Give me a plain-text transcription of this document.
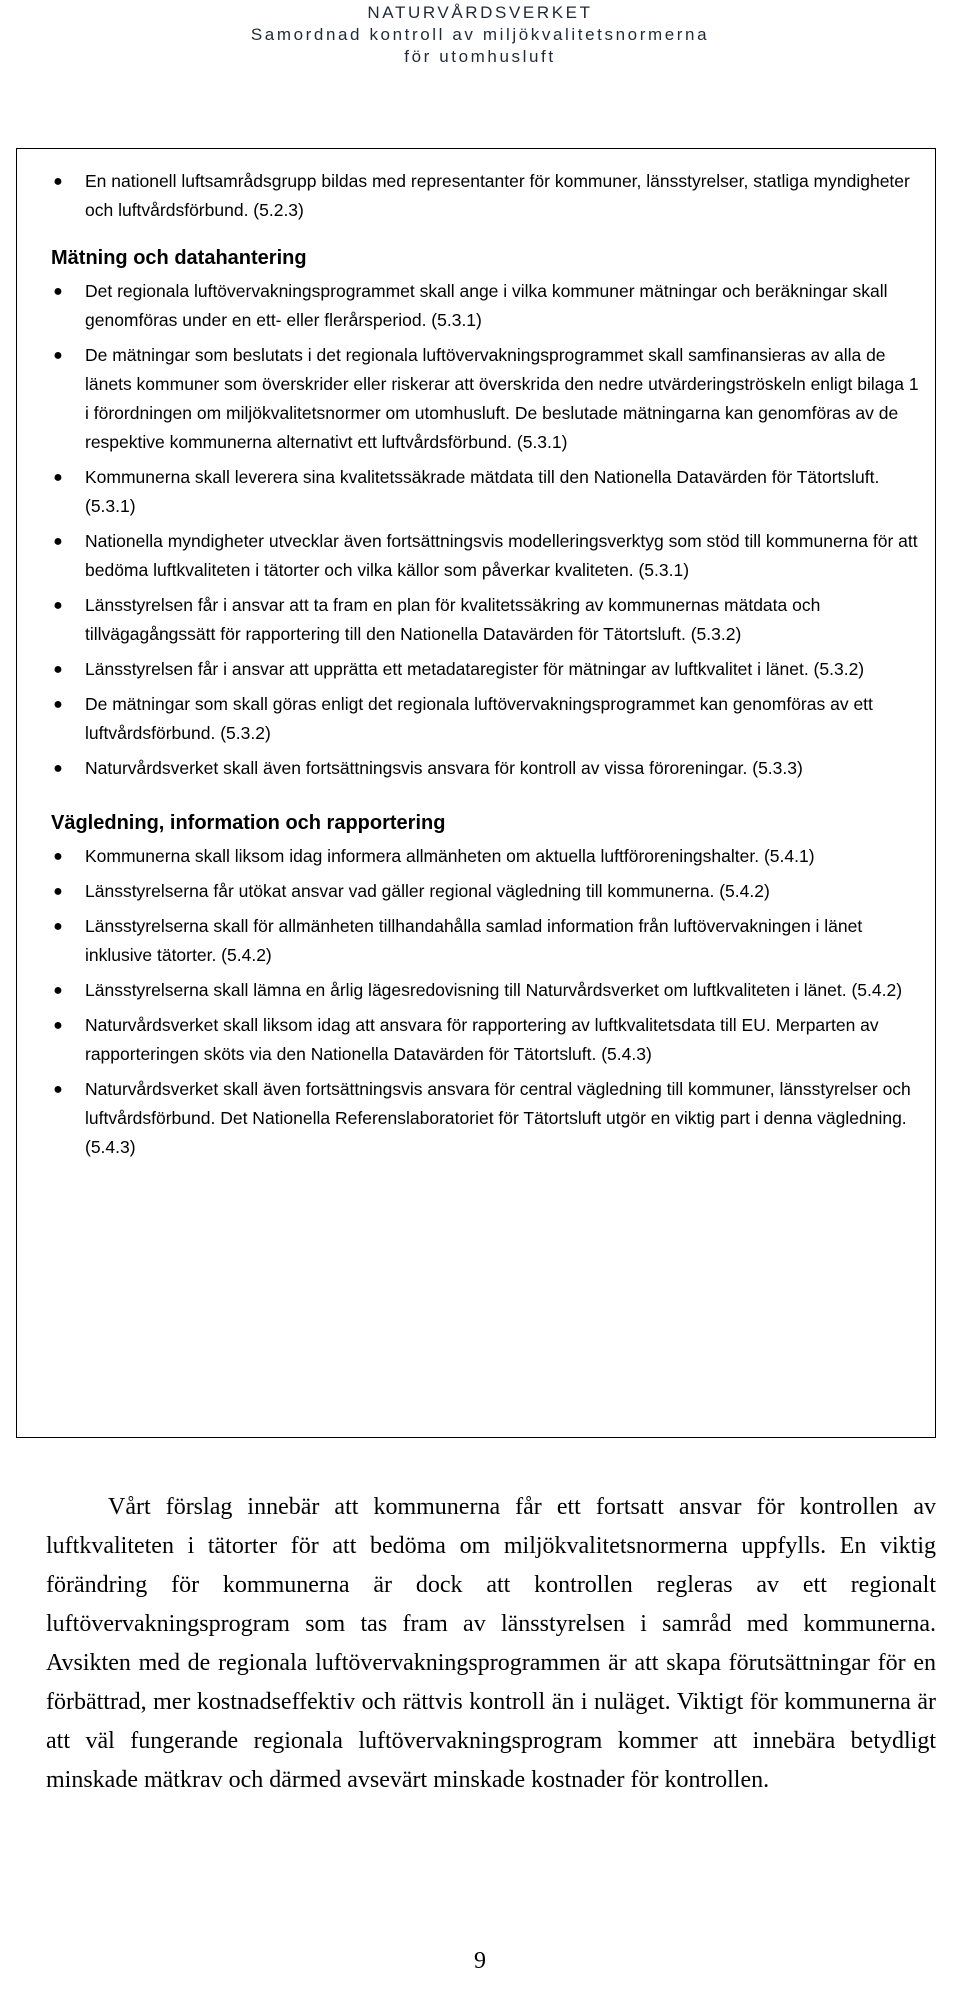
NATURVÅRDSVERKET
Samordnad kontroll av miljökvalitetsnormerna
för utomhusluft
● En nationell luftsamrådsgrupp bildas med representanter för kommuner, länsstyrelser, statliga myndigheter och luftvårdsförbund. (5.2.3)
Mätning och datahantering
● Det regionala luftövervakningsprogrammet skall ange i vilka kommuner mätningar och beräkningar skall genomföras under en ett- eller flerårsperiod. (5.3.1)
● De mätningar som beslutats i det regionala luftövervakningsprogrammet skall samfinansieras av alla de länets kommuner som överskrider eller riskerar att överskrida den nedre utvärderingströskeln enligt bilaga 1 i förordningen om miljökvalitetsnormer om utomhusluft. De beslutade mätningarna kan genomföras av de respektive kommunerna alternativt ett luftvårdsförbund. (5.3.1)
● Kommunerna skall leverera sina kvalitetssäkrade mätdata till den Nationella Datavärden för Tätortsluft. (5.3.1)
● Nationella myndigheter utvecklar även fortsättningsvis modelleringsverktyg som stöd till kommunerna för att bedöma luftkvaliteten i tätorter och vilka källor som påverkar kvaliteten. (5.3.1)
● Länsstyrelsen får i ansvar att ta fram en plan för kvalitetssäkring av kommunernas mätdata och tillvägagångssätt för rapportering till den Nationella Datavärden för Tätortsluft. (5.3.2)
● Länsstyrelsen får i ansvar att upprätta ett metadataregister för mätningar av luftkvalitet i länet. (5.3.2)
● De mätningar som skall göras enligt det regionala luftövervakningsprogrammet kan genomföras av ett luftvårdsförbund. (5.3.2)
● Naturvårdsverket skall även fortsättningsvis ansvara för kontroll av vissa föroreningar. (5.3.3)
Vägledning, information och rapportering
● Kommunerna skall liksom idag informera allmänheten om aktuella luftföroreningshalter. (5.4.1)
● Länsstyrelserna får utökat ansvar vad gäller regional vägledning till kommunerna. (5.4.2)
● Länsstyrelserna skall för allmänheten tillhandahålla samlad information från luftövervakningen i länet inklusive tätorter. (5.4.2)
● Länsstyrelserna skall lämna en årlig lägesredovisning till Naturvårdsverket om luftkvaliteten i länet. (5.4.2)
● Naturvårdsverket skall liksom idag att ansvara för rapportering av luftkvalitetsdata till EU. Merparten av rapporteringen sköts via den Nationella Datavärden för Tätortsluft. (5.4.3)
● Naturvårdsverket skall även fortsättningsvis ansvara för central vägledning till kommuner, länsstyrelser och luftvårdsförbund. Det Nationella Referenslaboratoriet för Tätortsluft utgör en viktig part i denna vägledning. (5.4.3)

Vårt förslag innebär att kommunerna får ett fortsatt ansvar för kontrollen av luftkvaliteten i tätorter för att bedöma om miljökvalitetsnormerna uppfylls. En viktig förändring för kommunerna är dock att kontrollen regleras av ett regionalt luftövervakningsprogram som tas fram av länsstyrelsen i samråd med kommunerna. Avsikten med de regionala luftövervakningsprogrammen är att skapa förutsättningar för en förbättrad, mer kostnadseffektiv och rättvis kontroll än i nuläget. Viktigt för kommunerna är att väl fungerande regionala luftövervakningsprogram kommer att innebära betydligt minskade mätkrav och därmed avsevärt minskade kostnader för kontrollen.

9
